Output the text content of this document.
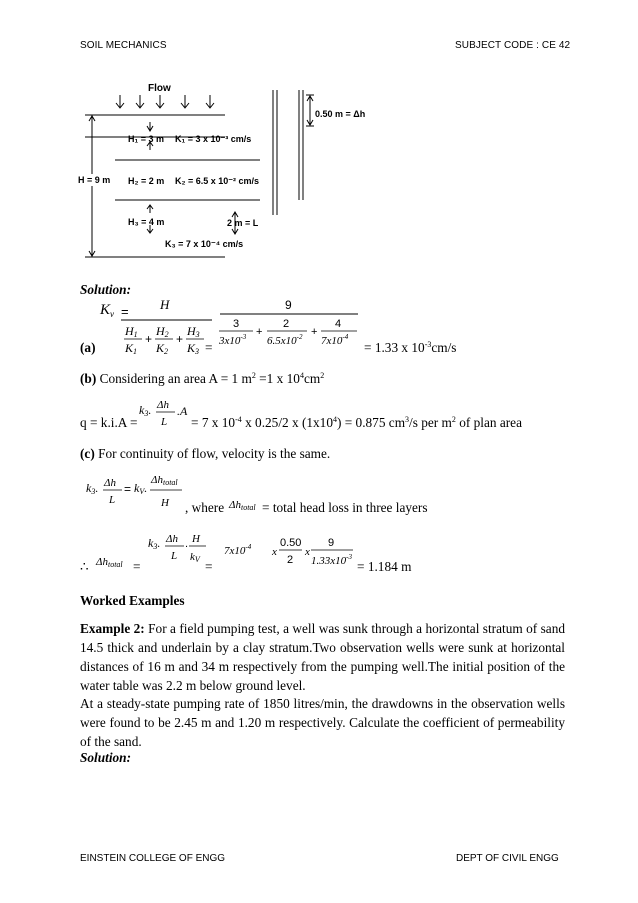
SOIL MECHANICS	SUBJECT CODE : CE 42
Flow
H = 9 m
H₁ = 3 m K₁ = 3 x 10⁻³ cm/s
H₂ = 2 m K₂ = 6.5 x 10⁻² cm/s
H₃ = 4 m
K₃ = 7 x 10⁻⁴ cm/s
0.50 m = Δh
2 m = L
Solution:
(a)
$K_v = H$
H1
K1
+
H2
K2
+
H3
K3 =
9
3
$3x10^{-3}$ +
2
$6.5x10^{-2}$ +
4
$7x10^{-4}$
= 1.33 x $10^{-3}cm/s$
(b) Considering an area A = 1 $m^2 =1$ x $10^4cm^2$
q = k.i.A =
k3. Δh
L
.A
= 7 x $10^{-4}$ x 0.25/2 x $(1x10^4) = 0.875$ $cm^3/s$ per $m^2$ of plan area
(c) For continuity of flow, velocity is the same.
k3. Δh
L
= kV.
Δhtotal
H , where Δhtotal = total head loss in three layers
∴ Δhtotal =
k3. Δh
L
. H
kV =
$7x10^{-4}$ x
0.50
2
x
9
$1.33x10^{-3}$
= 1.184 m
Worked Examples
Example 2: For a field pumping test, a well was sunk through a horizontal stratum of sand 14.5 thick and underlain by a clay stratum.Two observation wells were sunk at horizontal distances of 16 m and 34 m respectively from the pumping well.The initial position of the water table was 2.2 m below ground level.
At a steady-state pumping rate of 1850 litres/min, the drawdowns in the observation wells were found to be 2.45 m and 1.20 m respectively. Calculate the coefficient of permeability of the sand.
Solution:
EINSTEIN COLLEGE OF ENGG	DEPT OF CIVIL ENGG
